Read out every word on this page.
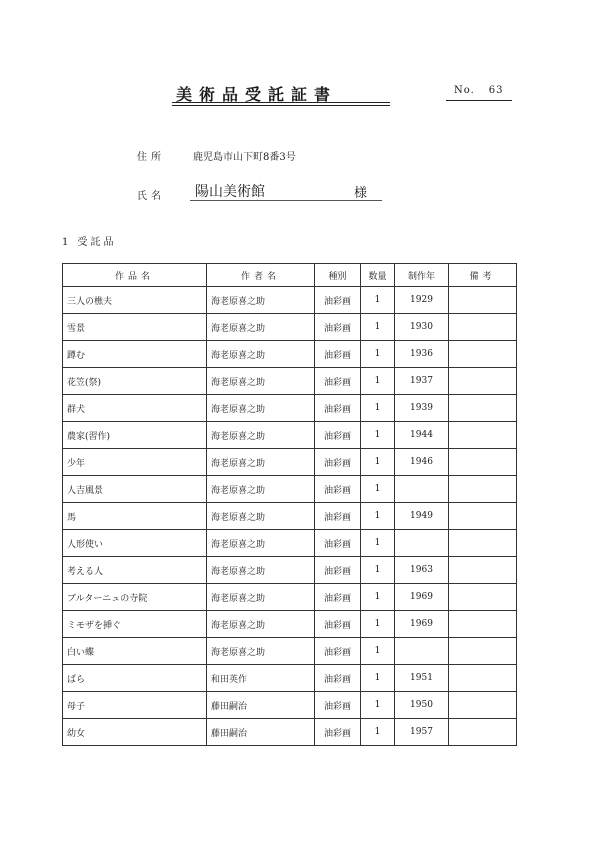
美術品受託証書	No. 63
住所	鹿児島市山下町8番3号
氏名 陽山美術館	様
1 受託品
作品名	作者名	種別	数量	制作年	備考
三人の樵夫	海老原喜之助	油彩画	1	1929	
雪景	海老原喜之助	油彩画	1	1930	
蹲む	海老原喜之助	油彩画	1	1936	
花笠(祭)	海老原喜之助	油彩画	1	1937	
群犬	海老原喜之助	油彩画	1	1939	
農家(習作)	海老原喜之助	油彩画	1	1944	
少年	海老原喜之助	油彩画	1	1946	
人吉風景	海老原喜之助	油彩画	1		
馬	海老原喜之助	油彩画	1	1949	
人形使い	海老原喜之助	油彩画	1		
考える人	海老原喜之助	油彩画	1	1963	
ブルターニュの寺院	海老原喜之助	油彩画	1	1969	
ミモザを挿ぐ	海老原喜之助	油彩画	1	1969	
白い蝶	海老原喜之助	油彩画	1		
ばら	和田英作	油彩画	1	1951	
母子	藤田嗣治	油彩画	1	1950	
幼女	藤田嗣治	油彩画	1	1957	
